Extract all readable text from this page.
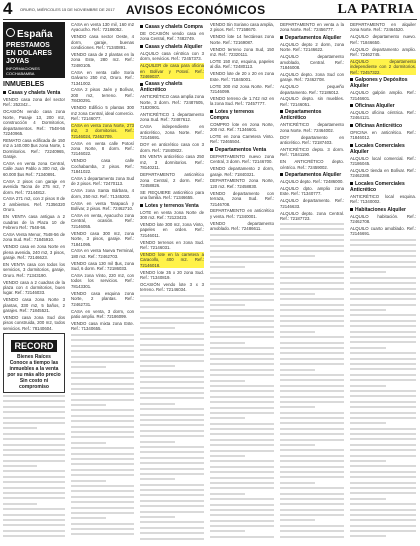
4 ORURO, MIÉRCOLES 15 DE NOVIEMBRE DE 2017 AVISOS ECONÓMICOS	LA PATRIA
España
PRESTAMOS
EN DOLARES
JOYAS
INFORMACIONES
COCHABAMBA
INMUEBLES
Casas y chalets Venta
VENDO casa zona del sector Ref.: 252342...
OCASIÓN vendo casa zona Norte, Pasaje 13, 200 m2, construcción 4 Dormitorios, departamentos. Ref.: 7548-56 72240965.
REMATO casa ediﬁcada de 150 m2 a 140.000 $us zona Norte, 1 Dormitorios. Ref.: 72240965, Garaje.
CASA en venta zona Central, Calle Juan Pablo a 300 m2, de 60.000 $us Ref.: 71340891.
CASA 2 pisos con garaje en avenida Tacna de 275 m2, 7 dorm. Ref.: 72144812.
CASA 271 m2, con 2 pisos 8 de 2 ambientes. Ref. 71356320 Oruro.
EN VENTA casa antigua a 2 cuadras de la Plaza 10 de Febrero Ref.: 7548-56.
CASA Venta Menor, 7548-56 de zona Sud. Ref.: 71845910.
VENDO casa en zona Norte en plena avenida, 240 m2, 3 pisos, garaje. Ref.: 72146623.
EN VENTA casa con todos los servicios, 3 dormitorios, garaje, Oruro. Ref.: 71343190.
VENDO casa a 2 cuadras de la plaza con 4 dormitorios, buen lugar. Ref.: 72146033.
VENDO casa zona Norte 3 plantas, 330 m2, 5 baños, 2 garajes. Ref.: 71845521.
VENDO casa zona Sud dos pisos construida, 200 m2, todos servicios. Ref.: 78140604.
RECORD
Bienes Raíces
Conoce a tiempo las
inmuebles a la venta
por su más alto precio
Sin costo ni compromiso
CASA en venta 130 mil, 160 m2 Ayacucho. Ref.: 72186052.
VENDO casa sector Oeste, 4 dorm, garaje, buenas condiciones. Ref.: 71340891.
VENDO casa de 2 plantas en la zona Este, 280 m2. Ref.: 72480105.
CASA en venta calle Soria Galvarro 250 m2, Oruro. Ref.: 71341002.
CASA 2 pisos Jaén y Bolívar, 200 m2, terreno. Ref.: 78430291.
VENDO Edificio 5 plantas 300 m2 zona Central, ideal comercio. Ref.: 72146077.
CASA en venta zona Norte, 273 m2, 3 dormitorios. Ref.: 72146024, 72462709.
CASA en venta calle Potosí zona Norte, 8 dorm. Ref.: 72146022.
VENDO casa calle Cochabamba, 2 pisos. Ref.: 71841022.
CASA 1 departamento zona Sud de 2 pisos. Ref.: 72470113.
CASA zona Santa Bárbara, 4 dorm, 250 m2. Ref.: 71345202.
CASA en venta Tarapacá y Bolívar, 2 pisos. Ref.: 72462710.
CASA en venta, Ayacucho zona Central, ocasión. Ref.: 72146055.
VENDO casa 300 m2, zona Norte, 3 pisos, garaje. Ref.: 71841095.
CASA en venta Nueva Terminal, 180 m2. Ref.: 72462703.
VENDO casa 130 mil $us, zona Sud, 6 dorm. Ref.: 72186033.
CASA zona Vinto, 220 m2, con todos los servicios. Ref.: 78143301.
VENDO casa esquina zona Norte, 2 plantas. Ref.: 72462731.
CASA en venta, 3 dorm, con patio amplio. Ref.: 72186099.
VENDO casa mixta zona Este. Ref.: 71340655.
Casas y chalets Compra
DE OCASIÓN vendo casa en zona Central, Ref.: 7482749.
Casas y chalets Alquiler
ALQUILO casa céntrica con 3 dorm, servicios. Ref.: 72457373.
ALQUILER de casa para oficina en Bolívar y Potosí. Ref.: 72469037.
Casas y chalets Anticrético
ANTICRÉTICO casa amplia zona Norte, 3 dorm. Ref.: 72487605, 71820901.
ANTICRÉTICO 1 departamento zona Sud. Ref.: 72487612.
CASA independiente en anticrético, zona Norte. Ref.: 72145691.
DOY en anticrético casa con 3 dorm. Ref.: 71840822.
EN VENTA anticrético casa 250 m2, 3 dormitorios. Ref.: 78140211.
DEPARTAMENTO anticrético zona Central, 2 dorm. Ref.: 72458826.
SE REQUIERE anticrético para una familia. Ref.: 71346655.
Lotes y terrenos Venta
LOTE en venta zona Norte de 300 m2. Ref.: 72123423.
VENDO lote 300 m2, zona Vinto, papeles en orden. Ref.: 72146011.
VENDO terrenos en zona Sud. Ref.: 72146031.
VENDO lote en la carretera a Caracollo, 400 m2. Ref.: 72146018.
VENDO lote 35 x 20 zona Sud. Ref.: 71340819.
OCASIÓN vendo lote 3 x 3 terreno. Ref.: 72146034.
VENDO Sin Soriano casa amplia, 2 pisos. Ref.: 77158670.
VENDO lote 14 hectáreas zona Norte. Ref.: 72169087.
VENDO terreno zona Sud, 150 m2. Ref.: 72320111.
LOTE 150 m2, esquina, papeles al día. Ref.: 72480113.
VENDO lote de 20 x 20 en zona Este. Ref.: 71845001.
LOTE 300 m2 zona Norte. Ref.: 72146099.
VENDO terreno de 1.742 m2 en la zona Sud. Ref.: 72457777.
Lotes y terrenos Compra
COMPRO lote en zona Norte, 200 m2. Ref.: 71346601.
LOTE en zona Carretera Vinto. Ref.: 72465504.
Departamentos Venta
DEPARTAMENTO nuevo zona Central, 3 dorm. Ref.: 72146700.
VENDO departamento 2 dorm, garaje. Ref.: 71840321.
DEPARTAMENTO zona Norte, 120 m2. Ref.: 72458830.
VENDO departamento con terraza, zona Sud. Ref.: 72146708.
DEPARTAMENTO en anticrético y venta. Ref.: 71340001.
VENDO departamento amoblado. Ref.: 72486611.
DEPARTAMENTO en venta a la zona Norte. Ref.: 72456777.
Departamentos Alquiler
ALQUILO depto 2 dorm, zona Norte. Ref.: 72146622.
ALQUILO departamento amoblado, Central. Ref.: 71846008.
ALQUILO depto. zona Sud con garaje. Ref.: 72462708.
ALQUILO pequeño departamento. Ref.: 72186012.
ALQUILO depto. sin muebles. Ref.: 72146051.
Departamentos Anticrético
ANTICRÉTICO departamento zona Norte. Ref.: 72464002.
DOY departamento en anticrético. Ref.: 72187403.
ANTICRÉTICO depto. 3 dorm. Ref.: 71841190.
EN ANTICRÉTICO depto. céntrico. Ref.: 72459002.
Departamentos Alquiler
ALQUILO depto. Ref.: 72486000.
ALQUILO dpto. amplio zona Este. Ref.: 71340777.
ALQUILO departamento. Ref.: 72146633.
ALQUILO depto. zona Central. Ref.: 72187723.
DEPARTAMENTO en alquiler zona Norte. Ref.: 72464520.
ALQUILO departamento nuevo. Ref.: 71846650.
ALQUILO departamento amplio. Ref.: 72462745.
ALQUILO departamento independiente con 2 dormitorios. Ref.: 72457322.
Galpones y Depósitos Alquiler
ALQUILO galpón amplio. Ref.: 72146601.
Oficinas Alquiler
ALQUILO oficina céntrica. Ref.: 72464121.
Oficinas Anticrético
OFICINA en anticrético. Ref.: 71846012.
Locales Comerciales Alquiler
ALQUILO local comercial. Ref.: 72186045.
ALQUILO tienda en Bolívar. Ref.: 72462288.
Locales Comerciales Anticrético
ANTICRÉTICO local esquina. Ref.: 71340002.
Habitaciones Alquiler
ALQUILO habitación. Ref.: 72462708.
ALQUILO cuarto amoblado. Ref.: 72146691.
